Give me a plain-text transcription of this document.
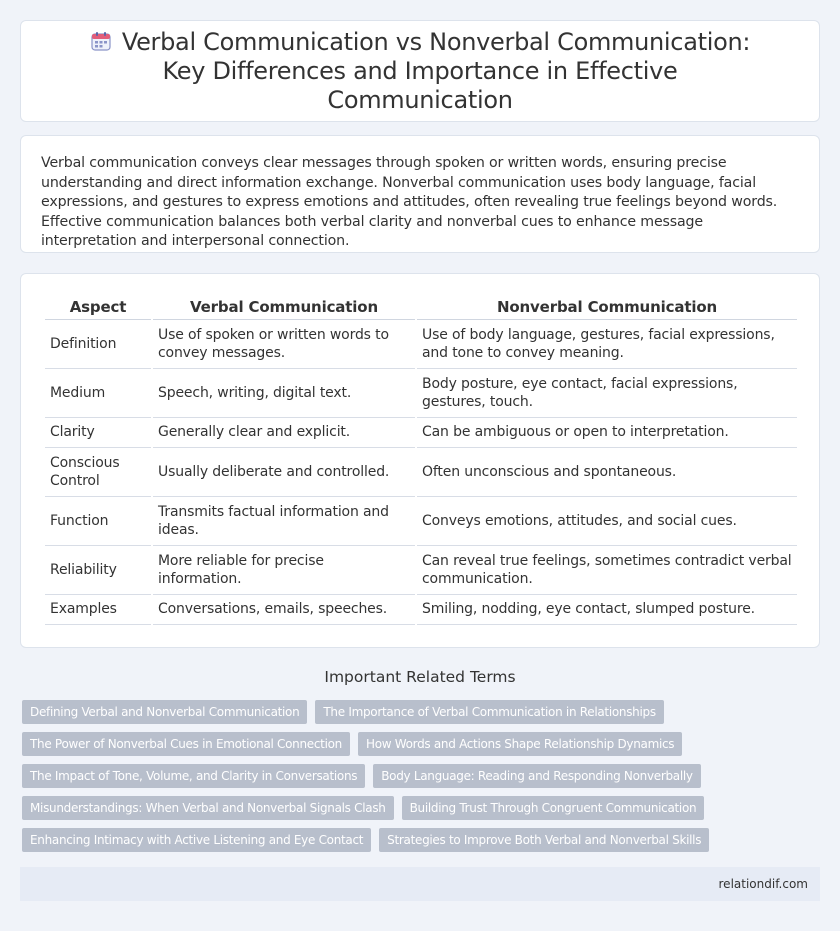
Verbal Communication vs Nonverbal Communication: Key Differences and Importance in Effective Communication

Verbal communication conveys clear messages through spoken or written words, ensuring precise understanding and direct information exchange. Nonverbal communication uses body language, facial expressions, and gestures to express emotions and attitudes, often revealing true feelings beyond words. Effective communication balances both verbal clarity and nonverbal cues to enhance message interpretation and interpersonal connection.

Aspect	Verbal Communication	Nonverbal Communication
Definition	Use of spoken or written words to convey messages.	Use of body language, gestures, facial expressions, and tone to convey meaning.
Medium	Speech, writing, digital text.	Body posture, eye contact, facial expressions, gestures, touch.
Clarity	Generally clear and explicit.	Can be ambiguous or open to interpretation.
Conscious Control	Usually deliberate and controlled.	Often unconscious and spontaneous.
Function	Transmits factual information and ideas.	Conveys emotions, attitudes, and social cues.
Reliability	More reliable for precise information.	Can reveal true feelings, sometimes contradict verbal communication.
Examples	Conversations, emails, speeches.	Smiling, nodding, eye contact, slumped posture.
Important Related Terms
Defining Verbal and Nonverbal Communication	The Importance of Verbal Communication in Relationships
The Power of Nonverbal Cues in Emotional Connection	How Words and Actions Shape Relationship Dynamics
The Impact of Tone, Volume, and Clarity in Conversations	Body Language: Reading and Responding Nonverbally
Misunderstandings: When Verbal and Nonverbal Signals Clash	Building Trust Through Congruent Communication
Enhancing Intimacy with Active Listening and Eye Contact	Strategies to Improve Both Verbal and Nonverbal Skills
relationdif.com
